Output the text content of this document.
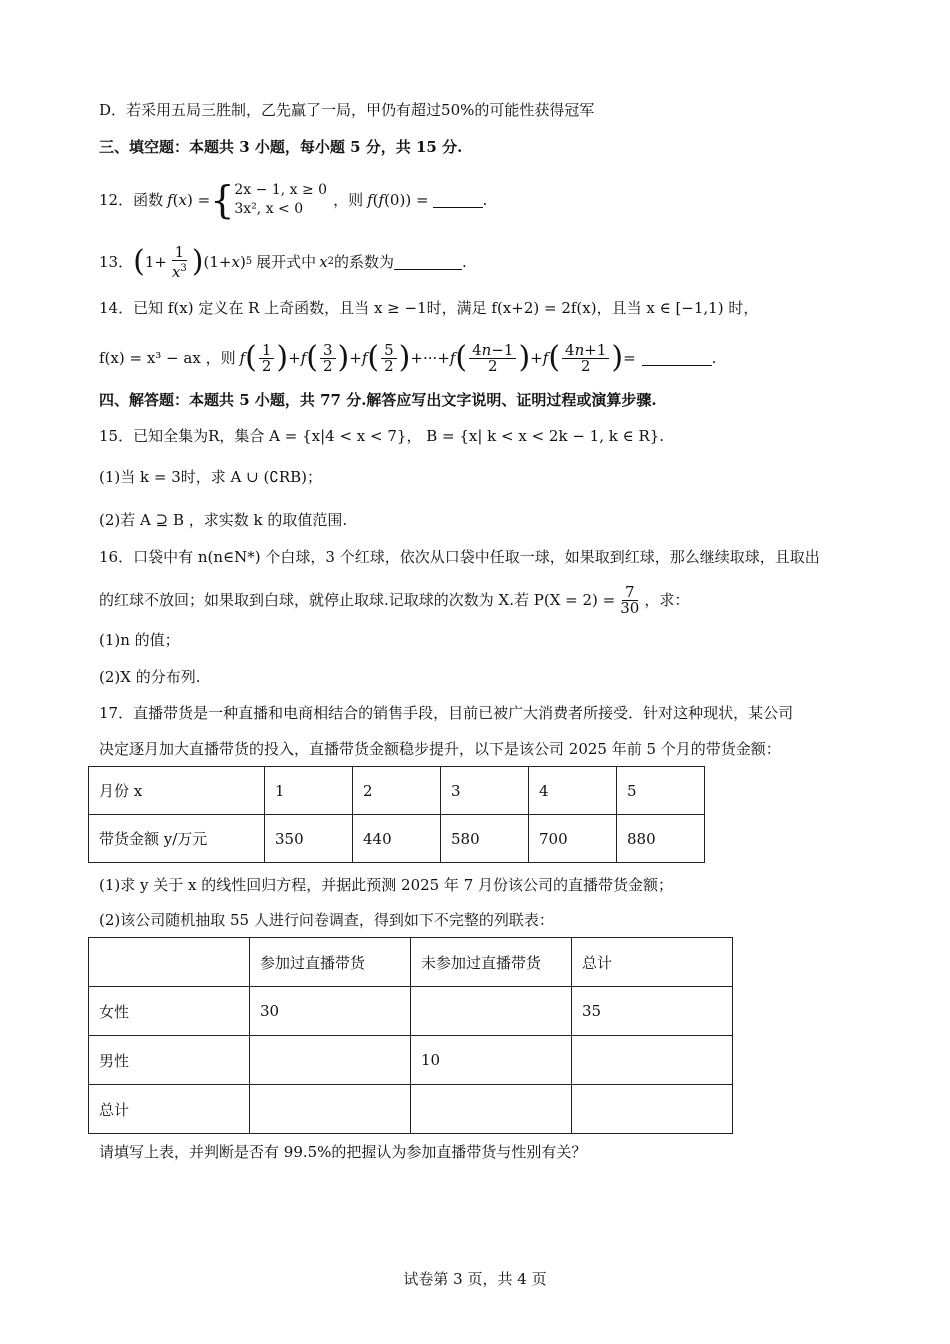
D．若采用五局三胜制，乙先赢了一局，甲仍有超过50%的可能性获得冠军
三、填空题：本题共 3 小题，每小题 5 分，共 15 分.
12． 函数 f ( x ) = { 2x − 1, x ≥ 0
3x², x < 0	，则 f(f(0)) =	.
13． ( $1+ \frac{1}{x^3}$ ) (1+ x ) 5 展开式中 x 2 的系数为	.
14．已知 f(x) 定义在 R 上奇函数，且当 x ≥ −1时，满足 f(x+2) = 2f(x)，且当 x ∈ [−1,1) 时，
f(x) = x³ − ax ，则 f ( $\frac{1}{2}$ ) + f ( $\frac{3}{2}$ ) + f ( $\frac{5}{2}$ ) +···+ f ( $\frac{4n-1}{2}$ ) + f ( $\frac{4n+1}{2}$ ) =	.
四、解答题：本题共 5 小题，共 77 分.解答应写出文字说明、证明过程或演算步骤.
15．已知全集为R，集合 A = {x|4 < x < 7}， B = {x| k < x < 2k − 1, k ∈ R}.
(1)当 k = 3时，求 A ∪ (∁RB)；
(2)若 A ⊇ B ，求实数 k 的取值范围.
16．口袋中有 n(n∈N*) 个白球，3 个红球，依次从口袋中任取一球，如果取到红球，那么继续取球，且取出
的红球不放回；如果取到白球，就停止取球.记取球的次数为 X.若 $P(X = 2) = \frac{7}{30}$ ，求：
(1)n 的值；
(2)X 的分布列.
17．直播带货是一种直播和电商相结合的销售手段，目前已被广大消费者所接受．针对这种现状，某公司
决定逐月加大直播带货的投入，直播带货金额稳步提升，以下是该公司 2025 年前 5 个月的带货金额：
月份 x	1	2	3	4	5
带货金额 y/万元	350	440	580	700	880
(1)求 y 关于 x 的线性回归方程，并据此预测 2025 年 7 月份该公司的直播带货金额；
(2)该公司随机抽取 55 人进行问卷调查，得到如下不完整的列联表：
	参加过直播带货	未参加过直播带货	总计
女性	30		35
男性		10	
总计			
请填写上表，并判断是否有 99.5%的把握认为参加直播带货与性别有关？
试卷第 3 页，共 4 页
